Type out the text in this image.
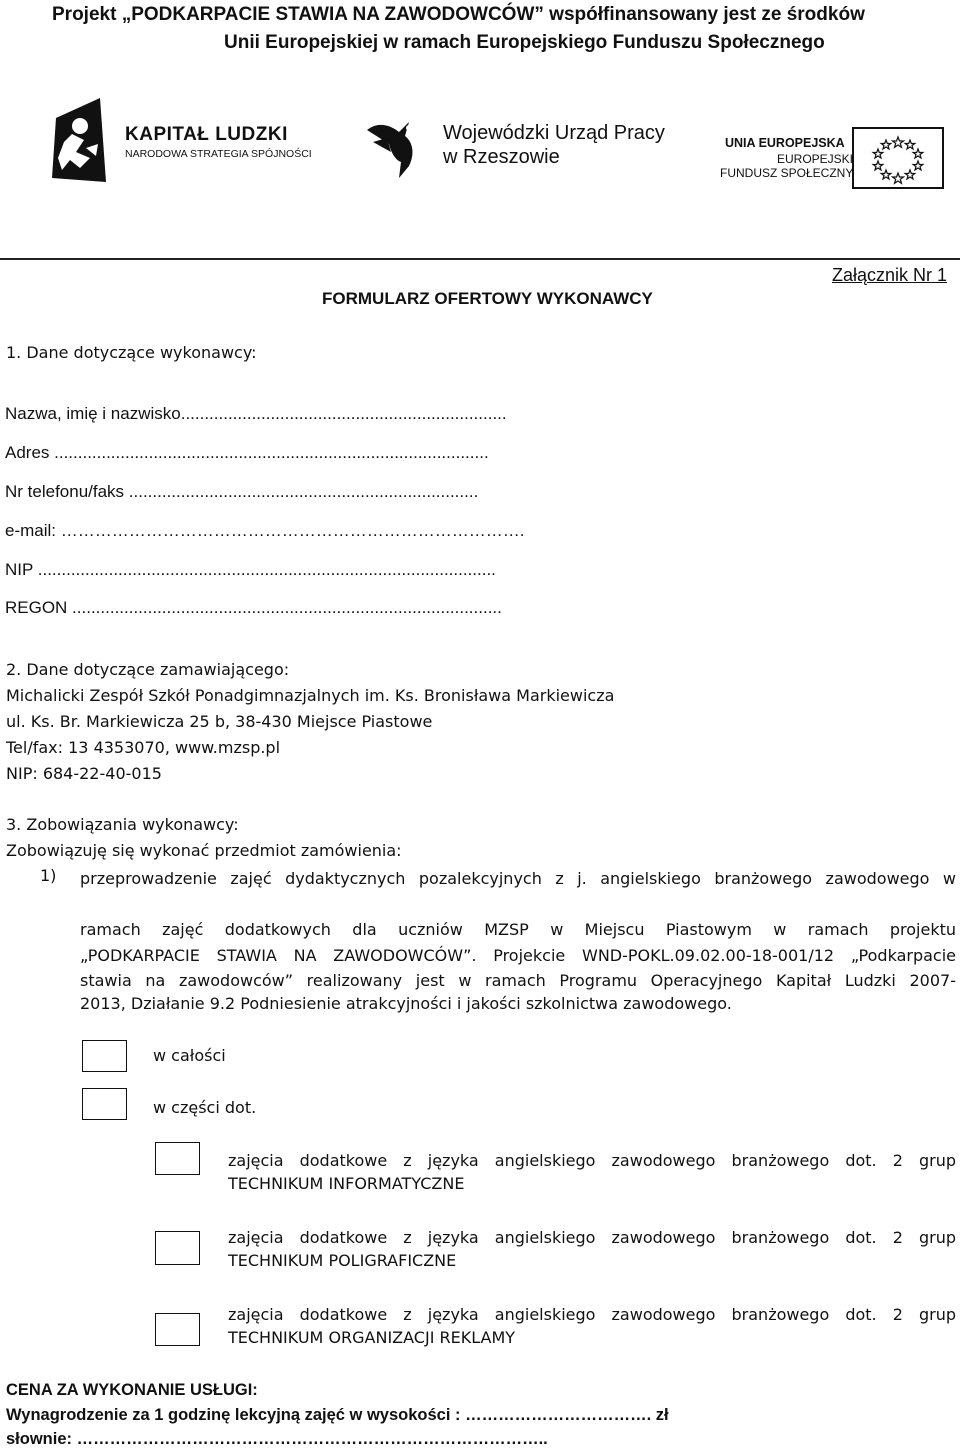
Projekt „PODKARPACIE STAWIA NA ZAWODOWCÓW” współfinansowany jest ze środków
Unii Europejskiej w ramach Europejskiego Funduszu Społecznego
KAPITAŁ LUDZKI
NARODOWA STRATEGIA SPÓJNOŚCI
Wojewódzki Urząd Pracy
w Rzeszowie
UNIA EUROPEJSKA
EUROPEJSKI
FUNDUSZ SPOŁECZNY
Załącznik Nr 1
FORMULARZ OFERTOWY WYKONAWCY
1. Dane dotyczące wykonawcy:
Nazwa, imię i nazwisko.....................................................................
Adres ............................................................................................
Nr telefonu/faks ..........................................................................
e-mail: ……………………………………………………………………….
NIP .................................................................................................
REGON ...........................................................................................
2. Dane dotyczące zamawiającego:
Michalicki Zespół Szkół Ponadgimnazjalnych im. Ks. Bronisława Markiewicza
ul. Ks. Br. Markiewicza 25 b, 38-430 Miejsce Piastowe
Tel/fax: 13 4353070, www.mzsp.pl
NIP: 684-22-40-015
3. Zobowiązania wykonawcy:
Zobowiązuję się wykonać przedmiot zamówienia:
1) przeprowadzenie zajęć dydaktycznych pozalekcyjnych z j. angielskiego branżowego zawodowego w
ramach zajęć dodatkowych dla uczniów MZSP w Miejscu Piastowym w ramach projektu
„PODKARPACIE STAWIA NA ZAWODOWCÓW”. Projekcie WND-POKL.09.02.00-18-001/12 „Podkarpacie
stawia na zawodowców” realizowany jest w ramach Programu Operacyjnego Kapitał Ludzki 2007-
2013, Działanie 9.2 Podniesienie atrakcyjności i jakości szkolnictwa zawodowego.
w całości
w części dot.
zajęcia dodatkowe z języka angielskiego zawodowego branżowego dot. 2 grup
TECHNIKUM INFORMATYCZNE
zajęcia dodatkowe z języka angielskiego zawodowego branżowego dot. 2 grup
TECHNIKUM POLIGRAFICZNE
zajęcia dodatkowe z języka angielskiego zawodowego branżowego dot. 2 grup
TECHNIKUM ORGANIZACJI REKLAMY
CENA ZA WYKONANIE USŁUGI:
Wynagrodzenie za 1 godzinę lekcyjną zajęć w wysokości : ……………………………. zł
słownie: …………………………………………………………………………..
